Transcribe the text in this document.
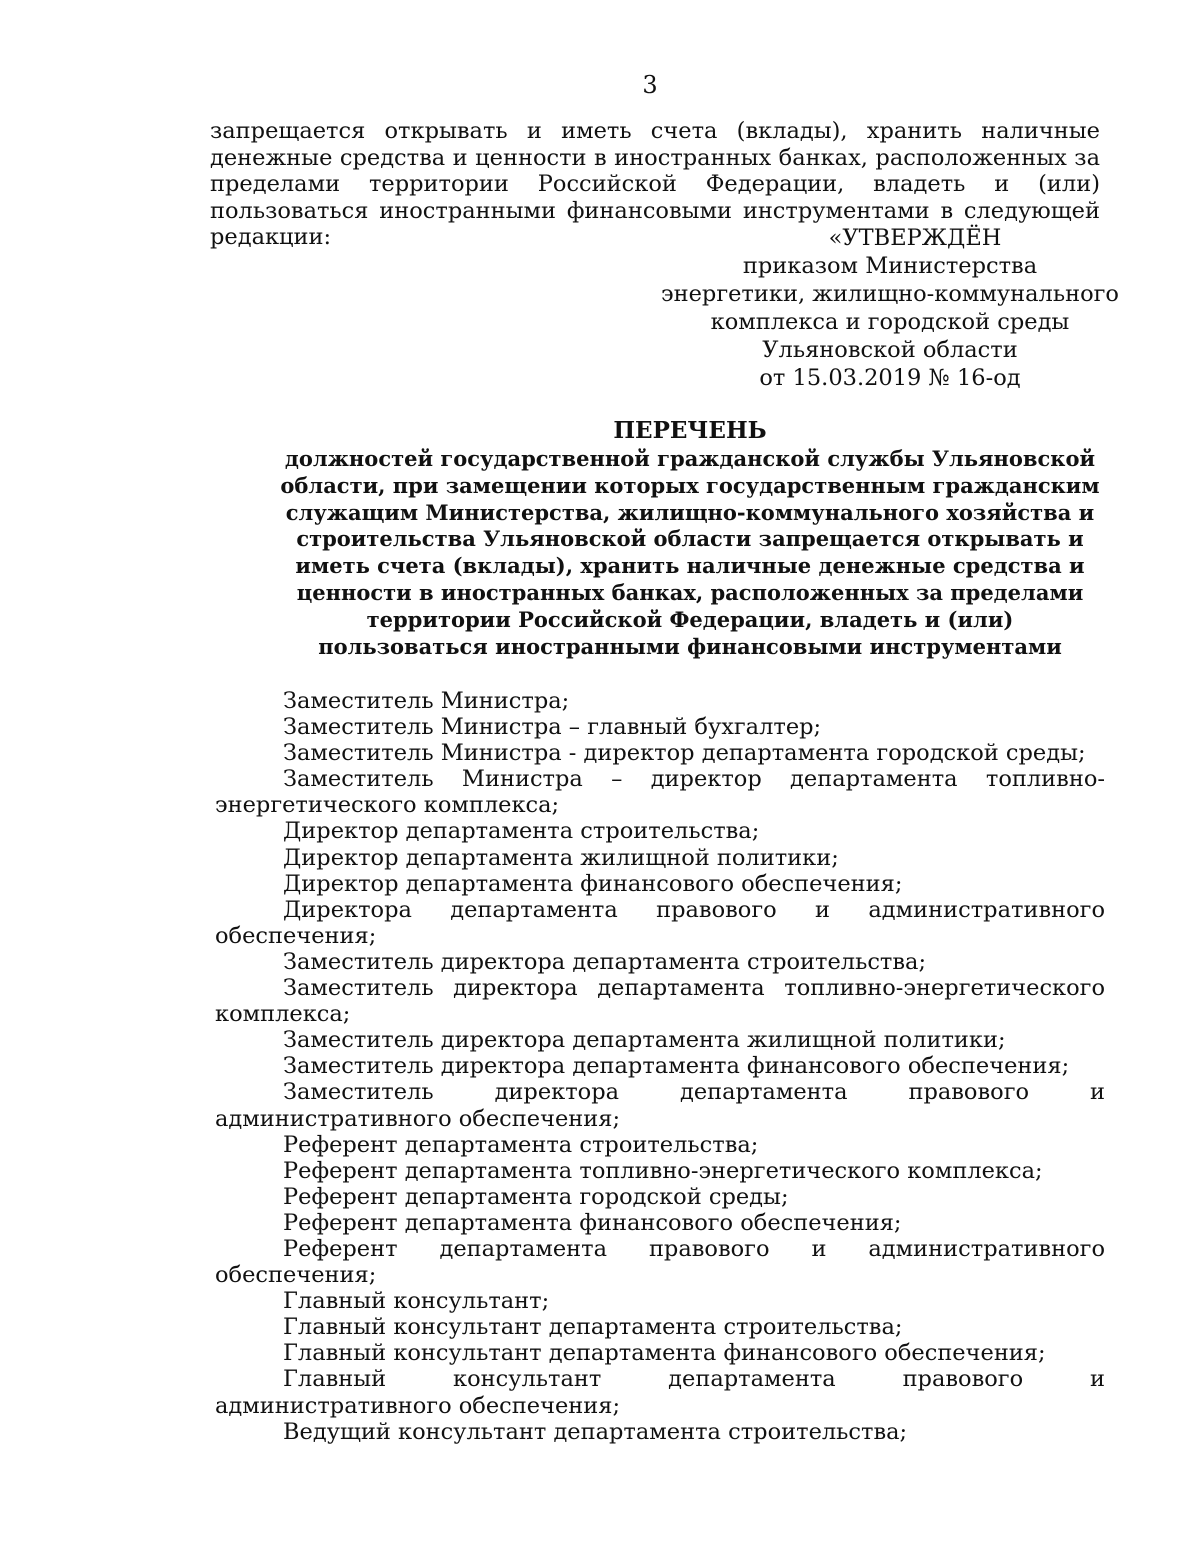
3
запрещается открывать и иметь счета (вклады), хранить наличные денежные средства и ценности в иностранных банках, расположенных за пределами территории Российской Федерации, владеть и (или) пользоваться иностранными финансовыми инструментами в следующей редакции:	«УТВЕРЖДЁН
приказом Министерства
энергетики, жилищно-коммунального
комплекса и городской среды
Ульяновской области
от 15.03.2019 № 16-од
ПЕРЕЧЕНЬ
должностей государственной гражданской службы Ульяновской области, при замещении которых государственным гражданским служащим Министерства, жилищно-коммунального хозяйства и строительства Ульяновской области запрещается открывать и иметь счета (вклады), хранить наличные денежные средства и ценности в иностранных банках, расположенных за пределами территории Российской Федерации, владеть и (или) пользоваться иностранными финансовыми инструментами
Заместитель Министра;
Заместитель Министра – главный бухгалтер;
Заместитель Министра - директор департамента городской среды;
Заместитель Министра – директор департамента топливно-энергетического комплекса;
Директор департамента строительства;
Директор департамента жилищной политики;
Директор департамента финансового обеспечения;
Директора департамента правового и административного обеспечения;
Заместитель директора департамента строительства;
Заместитель директора департамента топливно-энергетического комплекса;
Заместитель директора департамента жилищной политики;
Заместитель директора департамента финансового обеспечения;
Заместитель директора департамента правового и административного обеспечения;
Референт департамента строительства;
Референт департамента топливно-энергетического комплекса;
Референт департамента городской среды;
Референт департамента финансового обеспечения;
Референт департамента правового и административного обеспечения;
Главный консультант;
Главный консультант департамента строительства;
Главный консультант департамента финансового обеспечения;
Главный консультант департамента правового и административного обеспечения;
Ведущий консультант департамента строительства;
